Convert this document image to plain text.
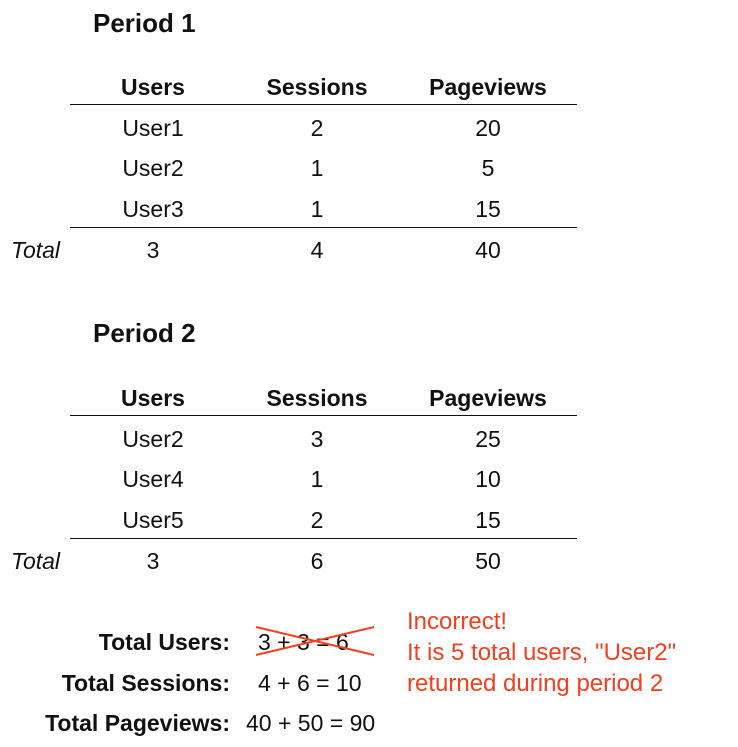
Period 1
Users	Sessions	Pageviews
User1	2	20
User2	1	5
User3	1	15
Total	3	4	40
Period 2
Users	Sessions	Pageviews
User2	3	25
User4	1	10
User5	2	15
Total	3	6	50
Total Users: 3 + 3 = 6
Total Sessions: 4 + 6 = 10
Total Pageviews: 40 + 50 = 90
Incorrect!
It is 5 total users, "User2"
returned during period 2
